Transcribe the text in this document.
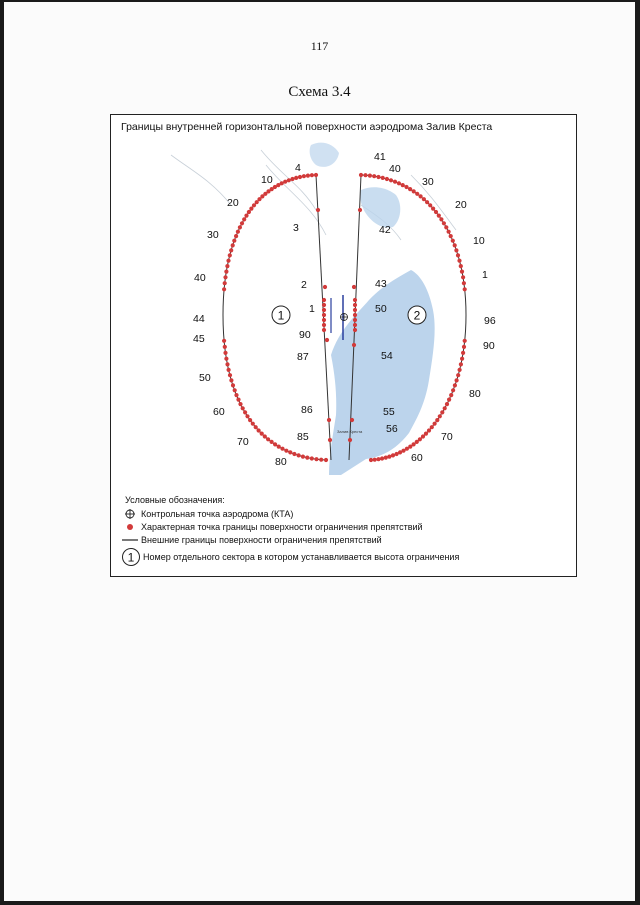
117
Схема 3.4
Границы внутренней горизонтальной поверхности аэродрома Залив Креста
4
10
20
30
3
40
2
1
44
45	90
87
50
60	86
70	85
80
41
40
30
20
42
10
43
1
50
96
90
54
80
55
56
70
60
Залив Креста
1	2
Условные обозначения:
Контрольная точка аэродрома (КТА)
Характерная точка границы поверхности ограничения препятствий
Внешние границы поверхности ограничения препятствий
1 Номер отдельного сектора в котором устанавливается высота ограничения
